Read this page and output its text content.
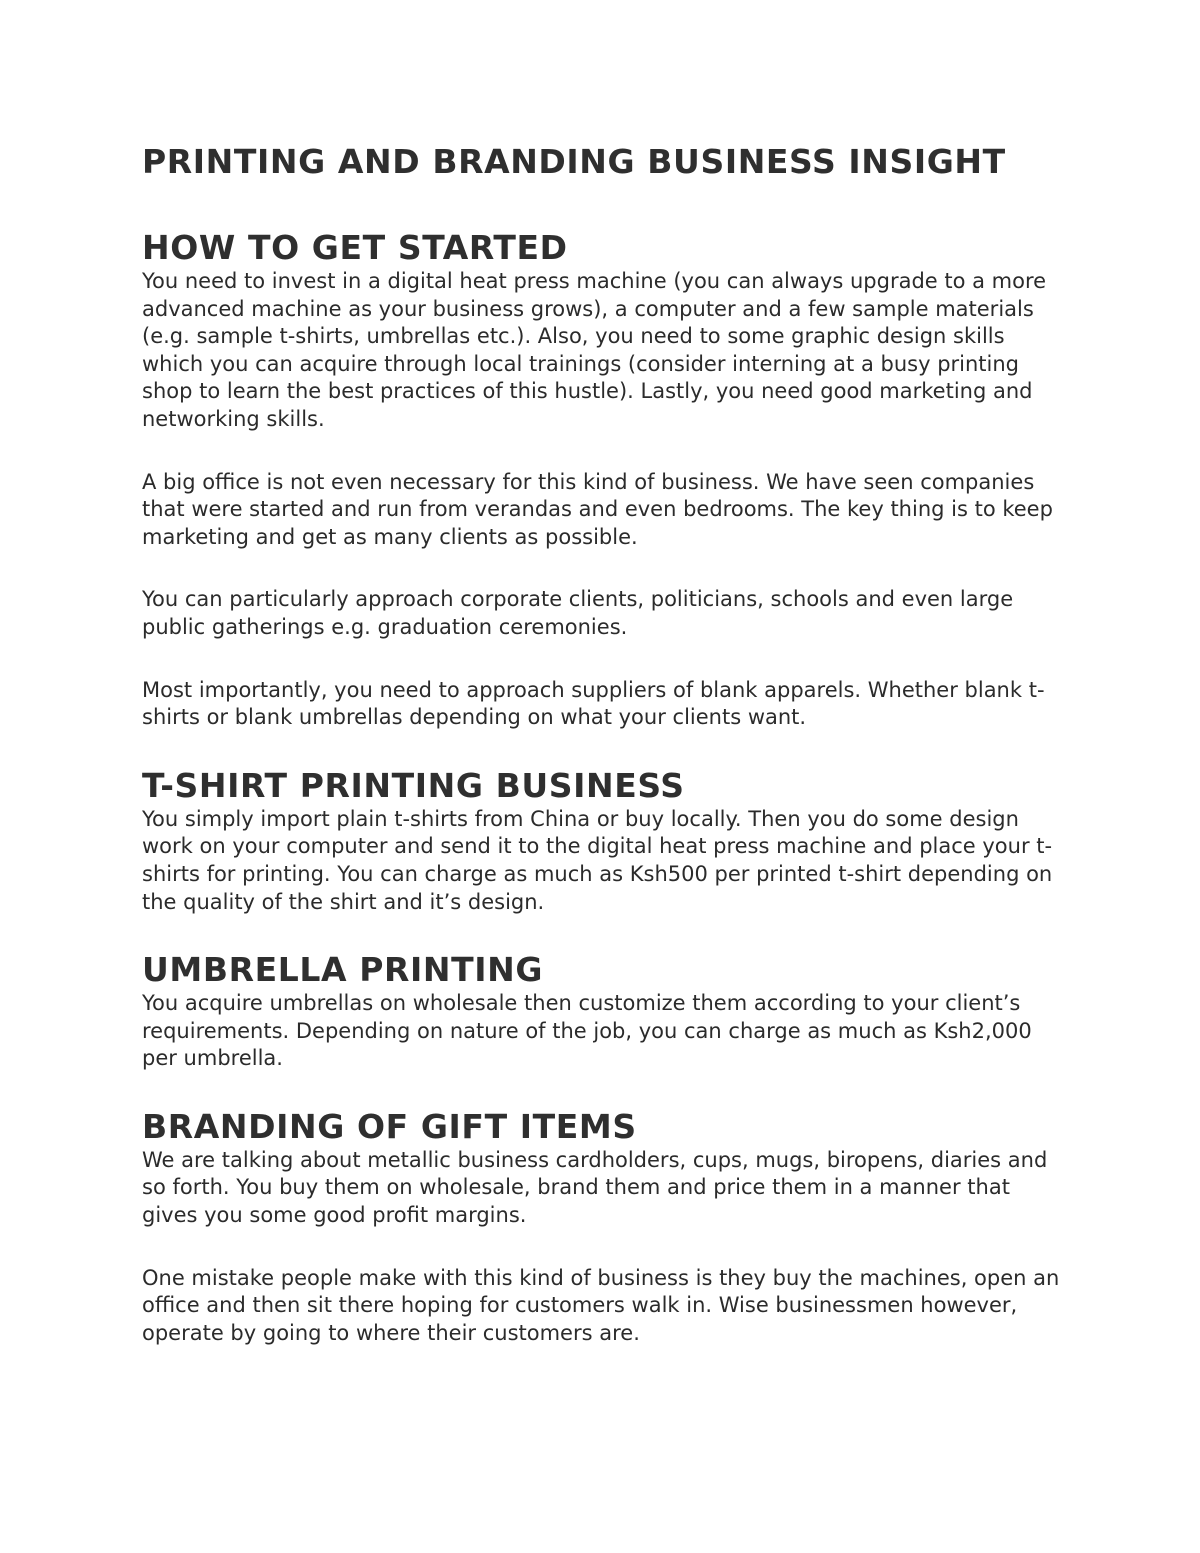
PRINTING AND BRANDING BUSINESS INSIGHT
HOW TO GET STARTED

You need to invest in a digital heat press machine (you can always upgrade to a more advanced machine as your business grows), a computer and a few sample materials (e.g. sample t-shirts, umbrellas etc.). Also, you need to some graphic design skills which you can acquire through local trainings (consider interning at a busy printing shop to learn the best practices of this hustle). Lastly, you need good marketing and networking skills.

A big office is not even necessary for this kind of business. We have seen companies that were started and run from verandas and even bedrooms. The key thing is to keep marketing and get as many clients as possible.

You can particularly approach corporate clients, politicians, schools and even large public gatherings e.g. graduation ceremonies.

Most importantly, you need to approach suppliers of blank apparels. Whether blank t-shirts or blank umbrellas depending on what your clients want.

T-SHIRT PRINTING BUSINESS

You simply import plain t-shirts from China or buy locally. Then you do some design work on your computer and send it to the digital heat press machine and place your t-shirts for printing. You can charge as much as Ksh500 per printed t-shirt depending on the quality of the shirt and it’s design.

UMBRELLA PRINTING

You acquire umbrellas on wholesale then customize them according to your client’s requirements. Depending on nature of the job, you can charge as much as Ksh2,000 per umbrella.

BRANDING OF GIFT ITEMS

We are talking about metallic business cardholders, cups, mugs, biropens, diaries and so forth. You buy them on wholesale, brand them and price them in a manner that gives you some good profit margins.

One mistake people make with this kind of business is they buy the machines, open an office and then sit there hoping for customers walk in. Wise businessmen however, operate by going to where their customers are.
